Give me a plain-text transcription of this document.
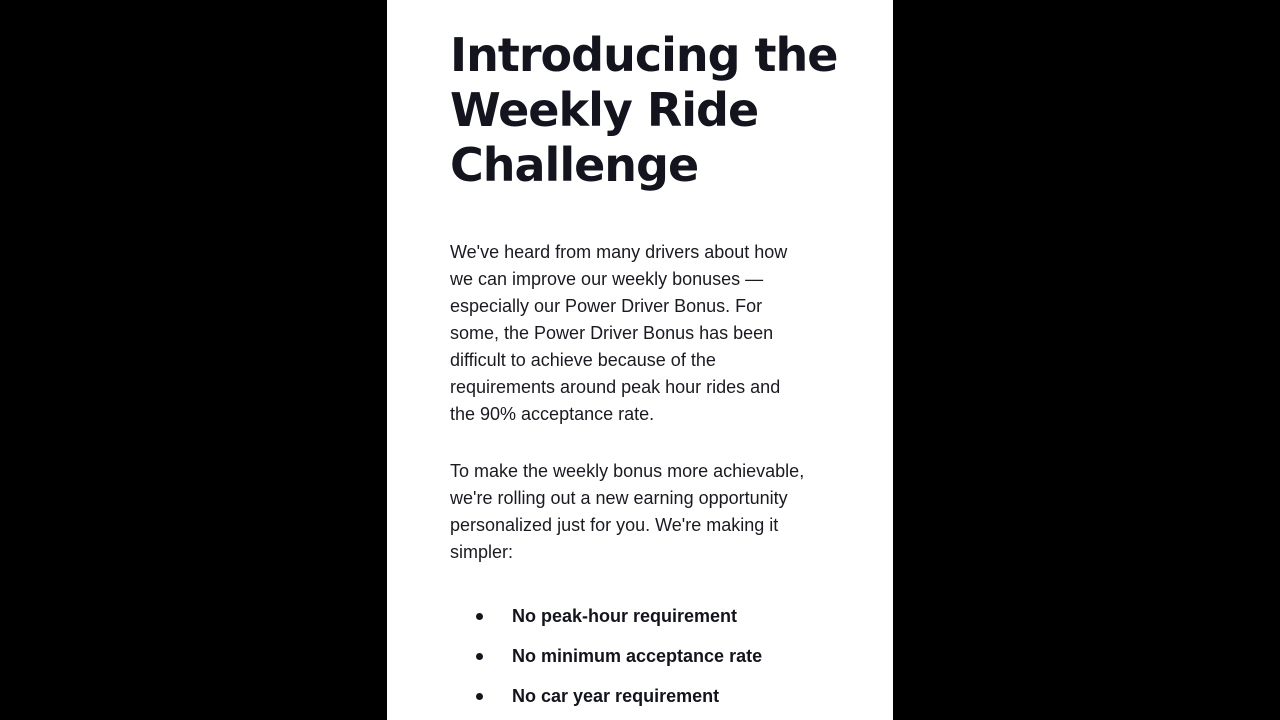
Introducing the
Weekly Ride
Challenge

We've heard from many drivers about how
we can improve our weekly bonuses —
especially our Power Driver Bonus. For
some, the Power Driver Bonus has been
difficult to achieve because of the
requirements around peak hour rides and
the 90% acceptance rate.

To make the weekly bonus more achievable,
we're rolling out a new earning opportunity
personalized just for you. We're making it
simpler:

No peak-hour requirement
No minimum acceptance rate
No car year requirement
